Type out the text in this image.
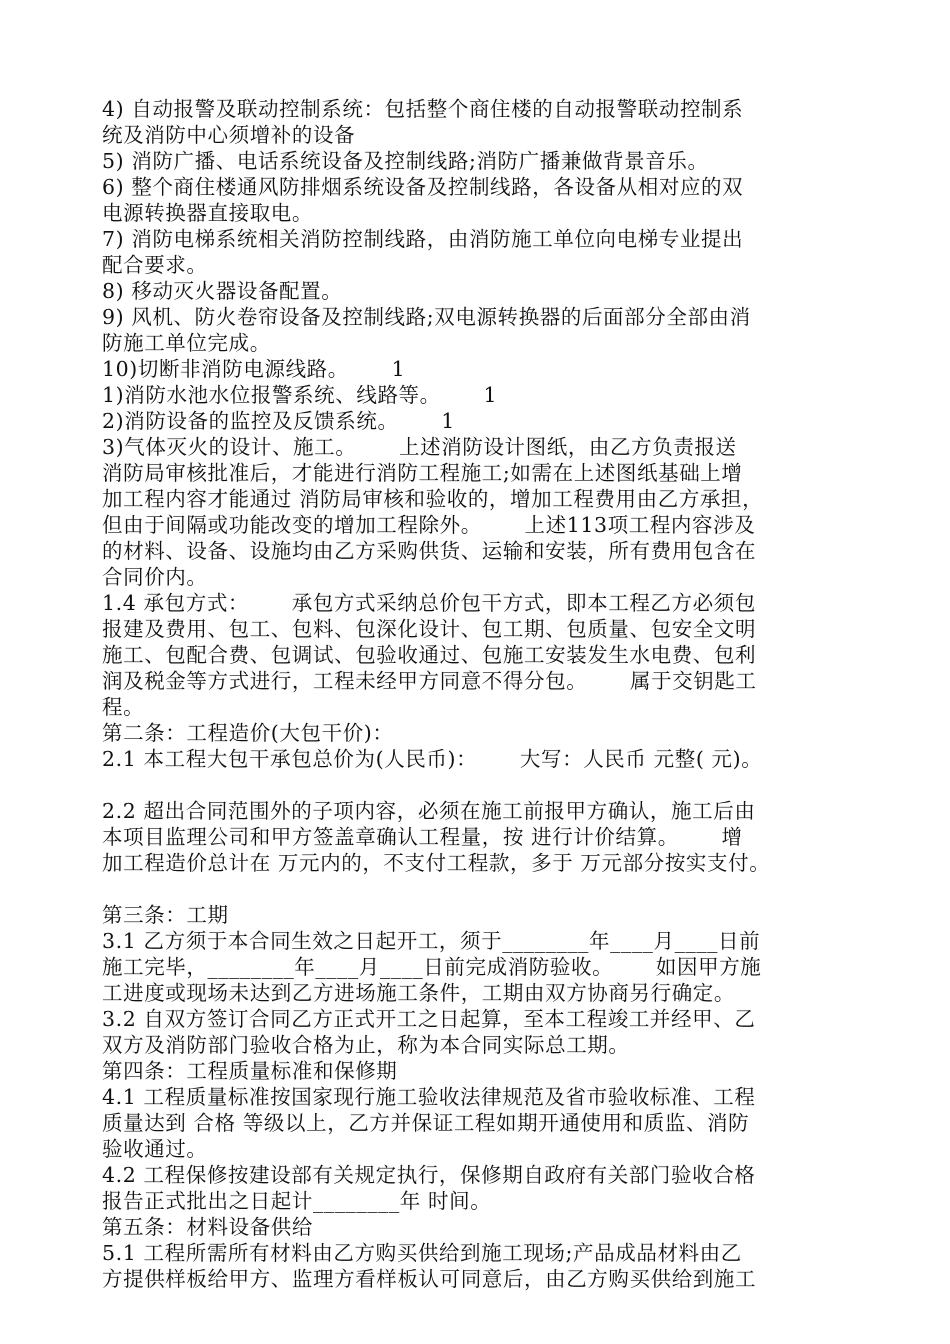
4) 自动报警及联动控制系统：包括整个商住楼的自动报警联动控制系
统及消防中心须增补的设备
5) 消防广播、电话系统设备及控制线路;消防广播兼做背景音乐。
6) 整个商住楼通风防排烟系统设备及控制线路，各设备从相对应的双
电源转换器直接取电。
7) 消防电梯系统相关消防控制线路，由消防施工单位向电梯专业提出
配合要求。
8) 移动灭火器设备配置。
9) 风机、防火卷帘设备及控制线路;双电源转换器的后面部分全部由消
防施工单位完成。
10)切断非消防电源线路。      1
1)消防水池水位报警系统、线路等。      1
2)消防设备的监控及反馈系统。      1
3)气体灭火的设计、施工。      上述消防设计图纸，由乙方负责报送
消防局审核批准后，才能进行消防工程施工;如需在上述图纸基础上增
加工程内容才能通过 消防局审核和验收的，增加工程费用由乙方承担，
但由于间隔或功能改变的增加工程除外。      上述113项工程内容涉及
的材料、设备、设施均由乙方采购供货、运输和安装，所有费用包含在
合同价内。
1.4 承包方式：      承包方式采纳总价包干方式，即本工程乙方必须包
报建及费用、包工、包料、包深化设计、包工期、包质量、包安全文明
施工、包配合费、包调试、包验收通过、包施工安装发生水电费、包利
润及税金等方式进行，工程未经甲方同意不得分包。      属于交钥匙工
程。
第二条：工程造价(大包干价)：
2.1 本工程大包干承包总价为(人民币)：      大写：人民币 元整( 元)。
2.2 超出合同范围外的子项内容，必须在施工前报甲方确认，施工后由
本项目监理公司和甲方签盖章确认工程量，按 进行计价结算。      增
加工程造价总计在 万元内的，不支付工程款，多于 万元部分按实支付。
第三条：工期
3.1 乙方须于本合同生效之日起开工，须于________年____月____日前
施工完毕，________年____月____日前完成消防验收。      如因甲方施
工进度或现场未达到乙方进场施工条件，工期由双方协商另行确定。
3.2 自双方签订合同乙方正式开工之日起算，至本工程竣工并经甲、乙
双方及消防部门验收合格为止，称为本合同实际总工期。
第四条：工程质量标准和保修期
4.1 工程质量标准按国家现行施工验收法律规范及省市验收标准、工程
质量达到 合格 等级以上，乙方并保证工程如期开通使用和质监、消防
验收通过。
4.2 工程保修按建设部有关规定执行，保修期自政府有关部门验收合格
报告正式批出之日起计________年 时间。
第五条：材料设备供给
5.1 工程所需所有材料由乙方购买供给到施工现场;产品成品材料由乙
方提供样板给甲方、监理方看样板认可同意后，由乙方购买供给到施工
